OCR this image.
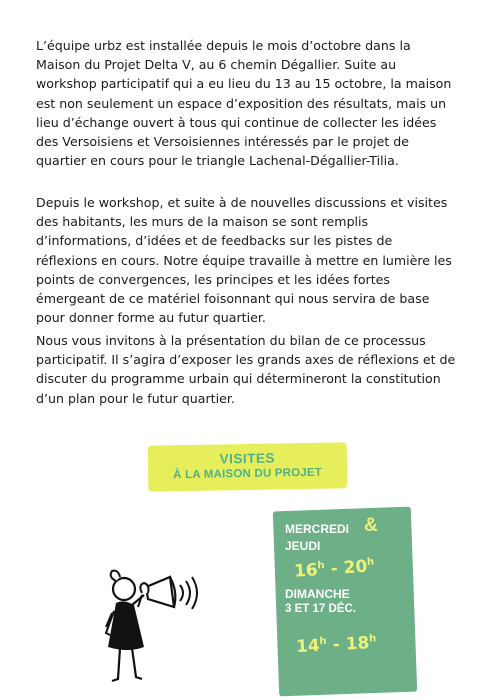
L’équipe urbz est installée depuis le mois d’octobre dans la Maison du Projet Delta V, au 6 chemin Dégallier. Suite au workshop participatif qui a eu lieu du 13 au 15 octobre, la maison est non seulement un espace d’exposition des résultats, mais un lieu d’échange ouvert à tous qui continue de collecter les idées des Versoisiens et Versoisiennes intéressés par le projet de quartier en cours pour le triangle Lachenal-Dégallier-Tilia.

Depuis le workshop, et suite à de nouvelles discussions et visites des habitants, les murs de la maison se sont remplis d’informations, d’idées et de feedbacks sur les pistes de réflexions en cours. Notre équipe travaille à mettre en lumière les points de convergences, les principes et les idées fortes émergeant de ce matériel foisonnant qui nous servira de base pour donner forme au futur quartier.

Nous vous invitons à la présentation du bilan de ce processus participatif. Il s’agira d’exposer les grands axes de réflexions et de discuter du programme urbain qui détermineront la constitution d’un plan pour le futur quartier.

VISITES
À LA MAISON DU PROJET
MERCREDI &
JEUDI
16$^h$ - 20$^h$
DIMANCHE
3 ET 17 DÉC.
14$^h$ - 18$^h$
